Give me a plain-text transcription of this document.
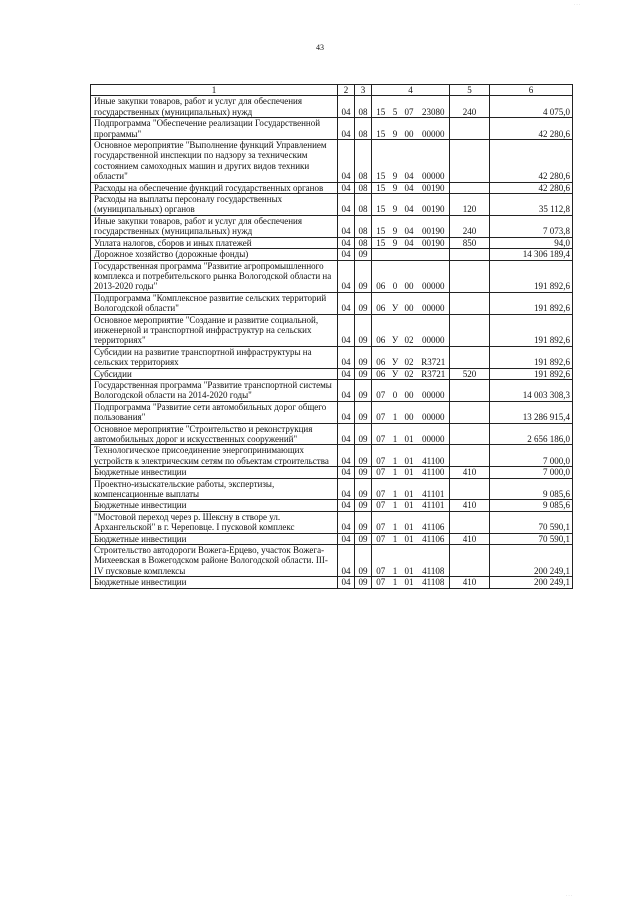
43
1	2	3	4				5	6
Иные закупки товаров, работ и услуг для обеспечения государственных (муниципальных) нужд	04	08	15	5	07	23080	240	4 075,0
Подпрограмма "Обеспечение реализации Государственной программы"	04	08	15	9	00	00000		42 280,6
Основное мероприятие "Выполнение функций Управлением государственной инспекции по надзору за техническим состоянием самоходных машин и других видов техники области"	04	08	15	9	04	00000		42 280,6
Расходы на обеспечение функций государственных органов	04	08	15	9	04	00190		42 280,6
Расходы на выплаты персоналу государственных (муниципальных) органов	04	08	15	9	04	00190	120	35 112,8
Иные закупки товаров, работ и услуг для обеспечения государственных (муниципальных) нужд	04	08	15	9	04	00190	240	7 073,8
Уплата налогов, сборов и иных платежей	04	08	15	9	04	00190	850	94,0
Дорожное хозяйство (дорожные фонды)	04	09						14 306 189,4
Государственная программа "Развитие агропромышленного комплекса и потребительского рынка Вологодской области на 2013-2020 годы"	04	09	06	0	00	00000		191 892,6
Подпрограмма "Комплексное развитие сельских территорий Вологодской области"	04	09	06	У	00	00000		191 892,6
Основное мероприятие "Создание и развитие социальной, инженерной и транспортной инфраструктур на сельских территориях"	04	09	06	У	02	00000		191 892,6
Субсидии на развитие транспортной инфраструктуры на сельских территориях	04	09	06	У	02	R3721		191 892,6
Субсидии	04	09	06	У	02	R3721	520	191 892,6
Государственная программа "Развитие транспортной системы Вологодской области на 2014-2020 годы"	04	09	07	0	00	00000		14 003 308,3
Подпрограмма "Развитие сети автомобильных дорог общего пользования"	04	09	07	1	00	00000		13 286 915,4
Основное мероприятие "Строительство и реконструкция автомобильных дорог и искусственных сооружений"	04	09	07	1	01	00000		2 656 186,0
Технологическое присоединение энергопринимающих устройств к электрическим сетям по объектам строительства	04	09	07	1	01	41100		7 000,0
Бюджетные инвестиции	04	09	07	1	01	41100	410	7 000,0
Проектно-изыскательские работы, экспертизы, компенсационные выплаты	04	09	07	1	01	41101		9 085,6
Бюджетные инвестиции	04	09	07	1	01	41101	410	9 085,6
"Мостовой переход через р. Шексну в створе ул. Архангельской" в г. Череповце. I пусковой комплекс	04	09	07	1	01	41106		70 590,1
Бюджетные инвестиции	04	09	07	1	01	41106	410	70 590,1
Строительство автодороги Вожега-Ерцево, участок Вожега-Михеевская в Вожегодском районе Вологодской области. III-IV пусковые комплексы	04	09	07	1	01	41108		200 249,1
Бюджетные инвестиции	04	09	07	1	01	41108	410	200 249,1
· · ·
· · ·
